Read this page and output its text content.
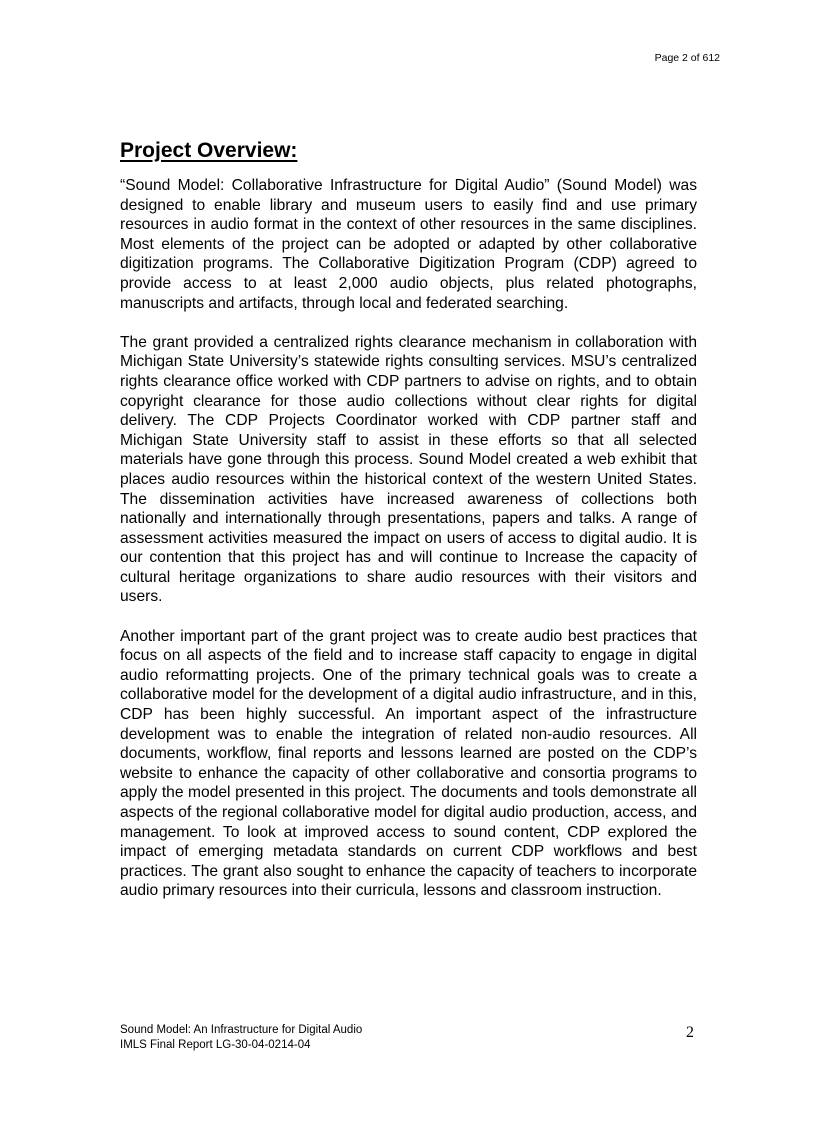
Page 2 of 612
Project Overview:

“Sound Model: Collaborative Infrastructure for Digital Audio” (Sound Model) was designed to enable library and museum users to easily find and use primary resources in audio format in the context of other resources in the same disciplines. Most elements of the project can be adopted or adapted by other collaborative digitization programs. The Collaborative Digitization Program (CDP) agreed to provide access to at least 2,000 audio objects, plus related photographs, manuscripts and artifacts, through local and federated searching.

The grant provided a centralized rights clearance mechanism in collaboration with Michigan State University’s statewide rights consulting services. MSU’s centralized rights clearance office worked with CDP partners to advise on rights, and to obtain copyright clearance for those audio collections without clear rights for digital delivery. The CDP Projects Coordinator worked with CDP partner staff and Michigan State University staff to assist in these efforts so that all selected materials have gone through this process. Sound Model created a web exhibit that places audio resources within the historical context of the western United States. The dissemination activities have increased awareness of collections both nationally and internationally through presentations, papers and talks. A range of assessment activities measured the impact on users of access to digital audio. It is our contention that this project has and will continue to Increase the capacity of cultural heritage organizations to share audio resources with their visitors and users.

Another important part of the grant project was to create audio best practices that focus on all aspects of the field and to increase staff capacity to engage in digital audio reformatting projects. One of the primary technical goals was to create a collaborative model for the development of a digital audio infrastructure, and in this, CDP has been highly successful. An important aspect of the infrastructure development was to enable the integration of related non-audio resources. All documents, workflow, final reports and lessons learned are posted on the CDP’s website to enhance the capacity of other collaborative and consortia programs to apply the model presented in this project. The documents and tools demonstrate all aspects of the regional collaborative model for digital audio production, access, and management. To look at improved access to sound content, CDP explored the impact of emerging metadata standards on current CDP workflows and best practices. The grant also sought to enhance the capacity of teachers to incorporate audio primary resources into their curricula, lessons and classroom instruction.

Sound Model: An Infrastructure for Digital Audio
IMLS Final Report LG-30-04-0214-04
2
